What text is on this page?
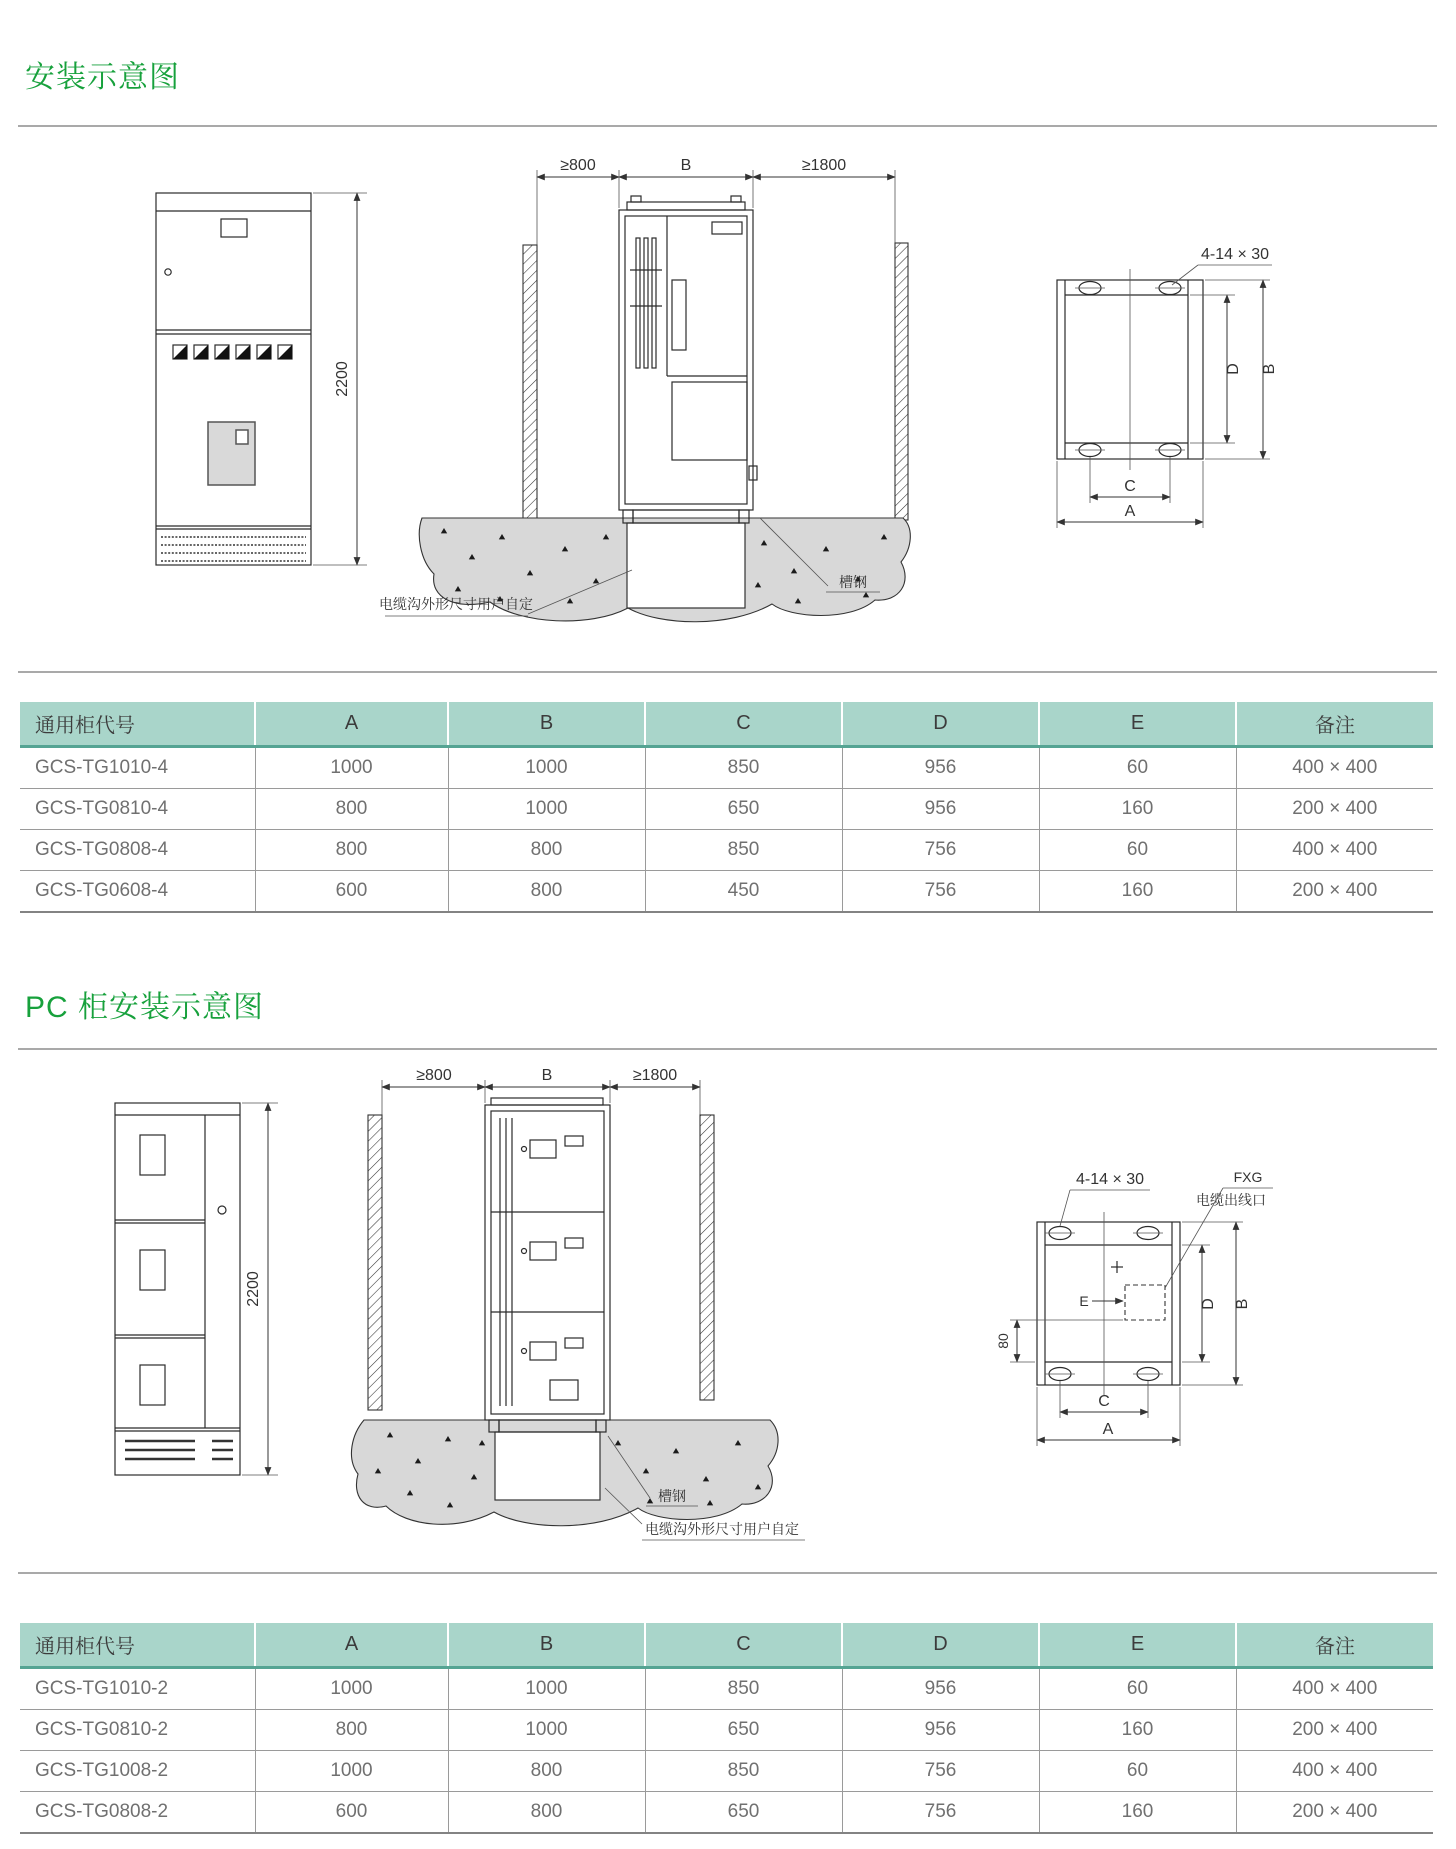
安装示意图
2200
≥800	B	≥1800
槽钢
电缆沟外形尺寸用户自定
4-14 × 30
D B
C
A
通用柜代号	A	B	C	D	E	备注
GCS-TG1010-4	1000	1000	850	956	60	400 × 400
GCS-TG0810-4	800	1000	650	956	160	200 × 400
GCS-TG0808-4	800	800	850	756	60	400 × 400
GCS-TG0608-4	600	800	450	756	160	200 × 400
PC 柜安装示意图
2200
≥800	B	≥1800
槽钢
电缆沟外形尺寸用户自定
E
4-14 × 30	FXG
电缆出线口
D B
80
C
A
通用柜代号	A	B	C	D	E	备注
GCS-TG1010-2	1000	1000	850	956	60	400 × 400
GCS-TG0810-2	800	1000	650	956	160	200 × 400
GCS-TG1008-2	1000	800	850	756	60	400 × 400
GCS-TG0808-2	600	800	650	756	160	200 × 400
